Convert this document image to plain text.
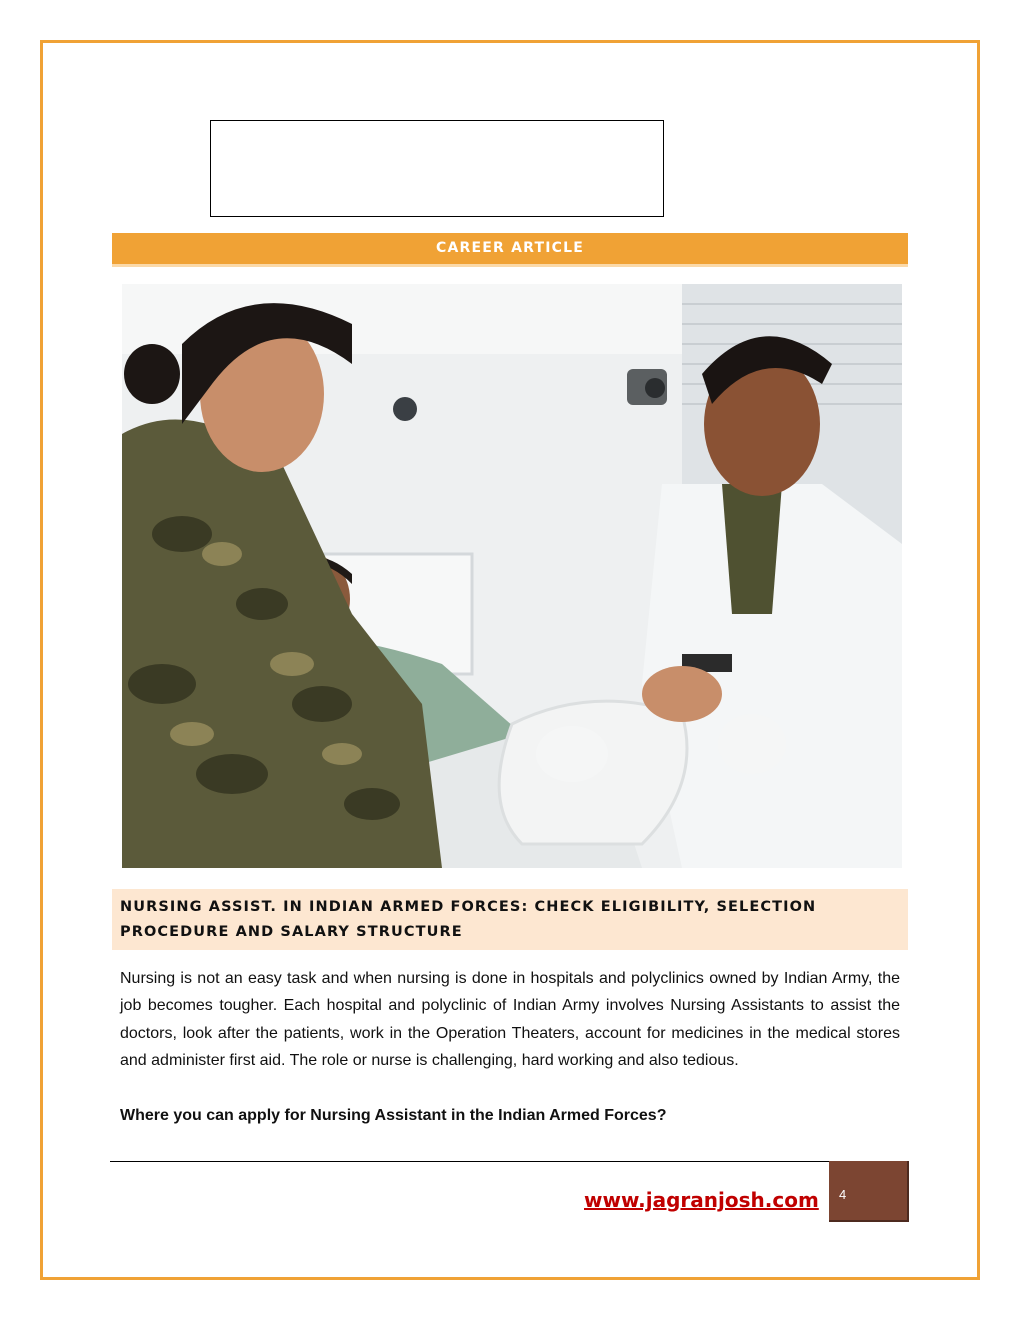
CAREER ARTICLE

NURSING ASSIST. IN INDIAN ARMED FORCES: CHECK ELIGIBILITY, SELECTION PROCEDURE AND SALARY STRUCTURE

Nursing is not an easy task and when nursing is done in hospitals and polyclinics owned by Indian Army, the job becomes tougher. Each hospital and polyclinic of Indian Army involves Nursing Assistants to assist the doctors, look after the patients, work in the Operation Theaters, account for medicines in the medical stores and administer first aid. The role or nurse is challenging, hard working and also tedious.

Where you can apply for Nursing Assistant in the Indian Armed Forces?

www.jagranjosh.com 4
